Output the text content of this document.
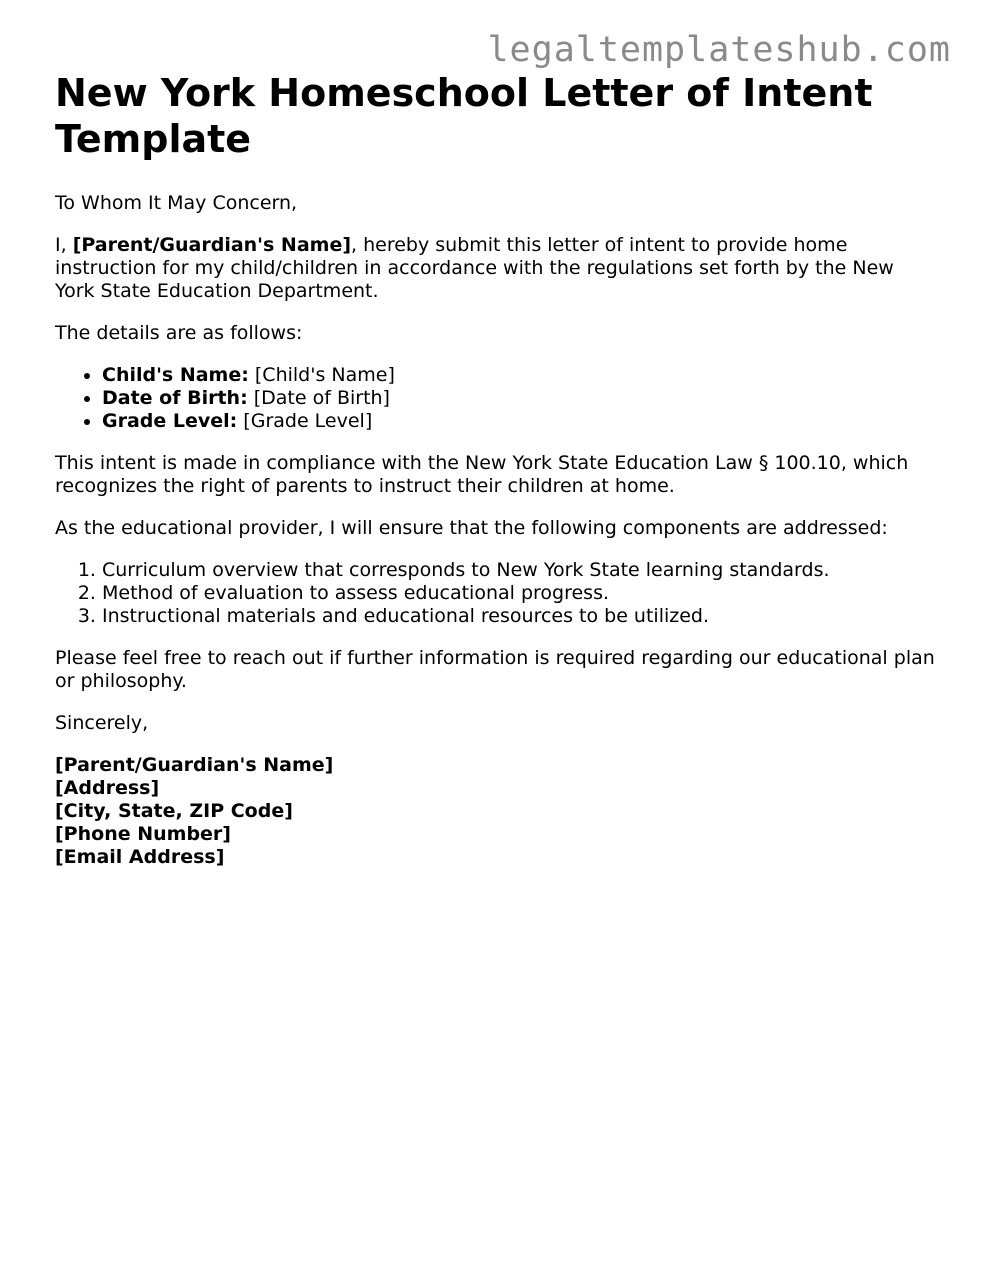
legaltemplateshub.com
New York Homeschool Letter of Intent Template

To Whom It May Concern,

I, [Parent/Guardian's Name], hereby submit this letter of intent to provide home instruction for my child/children in accordance with the regulations set forth by the New York State Education Department.

The details are as follows:

• Child's Name: [Child's Name]
• Date of Birth: [Date of Birth]
• Grade Level: [Grade Level]

This intent is made in compliance with the New York State Education Law § 100.10, which recognizes the right of parents to instruct their children at home.

As the educational provider, I will ensure that the following components are addressed:

1. Curriculum overview that corresponds to New York State learning standards.
2. Method of evaluation to assess educational progress.
3. Instructional materials and educational resources to be utilized.

Please feel free to reach out if further information is required regarding our educational plan or philosophy.

Sincerely,

[Parent/Guardian's Name]
[Address]
[City, State, ZIP Code]
[Phone Number]
[Email Address]
